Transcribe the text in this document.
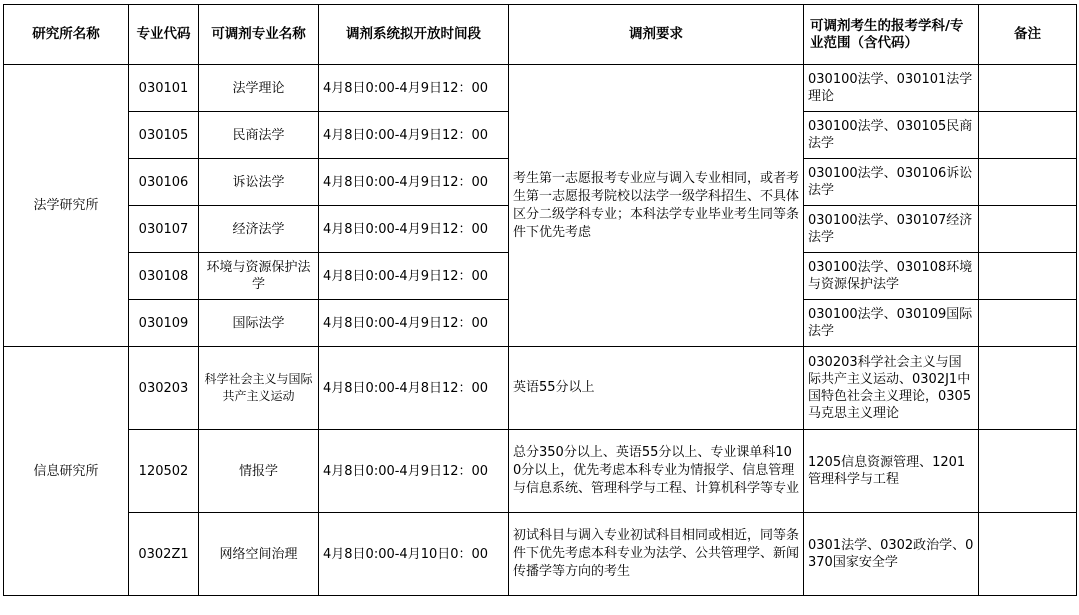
研究所名称	专业代码	可调剂专业名称	调剂系统拟开放时间段	调剂要求	可调剂考生的报考学科/专业范围（含代码）	备注
法学研究所	030101	法学理论	4月8日0:00-4月9日12：00	考生第一志愿报考专业应与调入专业相同，或者考生第一志愿报考院校以法学一级学科招生、不具体区分二级学科专业；本科法学专业毕业考生同等条件下优先考虑	030100法学、030101法学理论	
	030105	民商法学	4月8日0:00-4月9日12：00		030100法学、030105民商法学	
	030106	诉讼法学	4月8日0:00-4月9日12：00		030100法学、030106诉讼法学	
	030107	经济法学	4月8日0:00-4月9日12：00		030100法学、030107经济法学	
	030108	环境与资源保护法学	4月8日0:00-4月9日12：00		030100法学、030108环境与资源保护法学	
	030109	国际法学	4月8日0:00-4月9日12：00		030100法学、030109国际法学	
信息研究所	030203	科学社会主义与国际共产主义运动	4月8日0:00-4月8日12：00	英语55分以上	030203科学社会主义与国际共产主义运动、0302J1中国特色社会主义理论，0305马克思主义理论	
	120502	情报学	4月8日0:00-4月9日12：00	总分350分以上、英语55分以上、专业课单科100分以上，优先考虑本科专业为情报学、信息管理与信息系统、管理科学与工程、计算机科学等专业	1205信息资源管理、1201管理科学与工程	
	0302Z1	网络空间治理	4月8日0:00-4月10日0：00	初试科目与调入专业初试科目相同或相近，同等条件下优先考虑本科专业为法学、公共管理学、新闻传播学等方向的考生	0301法学、0302政治学、0370国家安全学	
